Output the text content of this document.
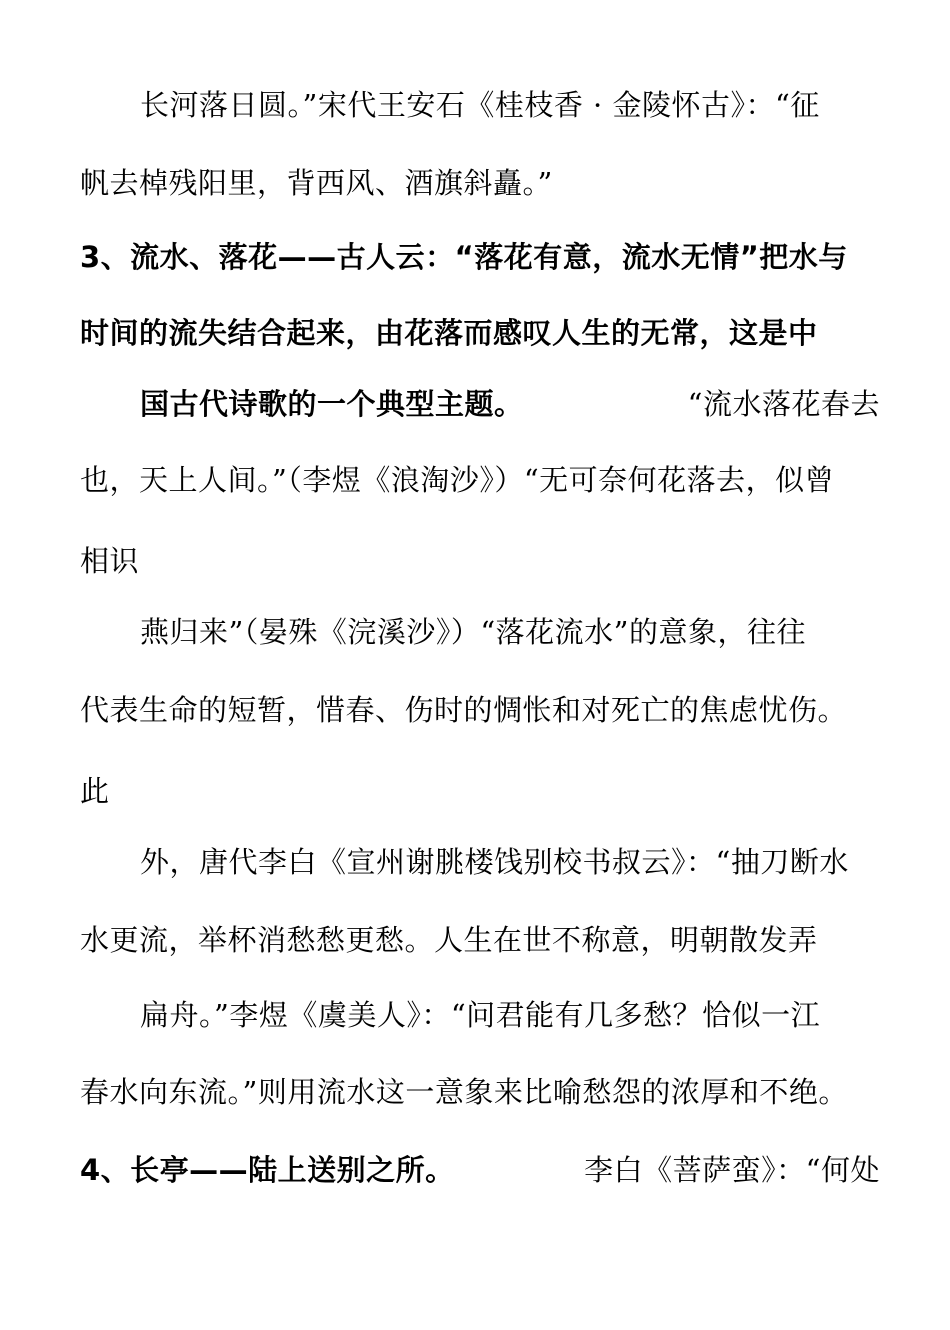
长河落日圆。”宋代王安石《桂枝香 · 金陵怀古》：“征
帆去棹残阳里，背西风、酒旗斜矗。”
3、流水、落花——古人云：“落花有意，流水无情”把水与
时间的流失结合起来，由花落而感叹人生的无常，这是中
国古代诗歌的一个典型主题。	“流水落花春去
也，天上人间。”（李煜《浪淘沙》）“无可奈何花落去，似曾
相识
燕归来”（晏殊《浣溪沙》）“落花流水”的意象，往往
代表生命的短暂，惜春、伤时的惆怅和对死亡的焦虑忧伤。
此
外，唐代李白《宣州谢朓楼饯别校书叔云》：“抽刀断水
水更流，举杯消愁愁更愁。人生在世不称意，明朝散发弄
扁舟。”李煜《虞美人》：“问君能有几多愁？恰似一江
春水向东流。”则用流水这一意象来比喻愁怨的浓厚和不绝。
4、长亭——陆上送别之所。	李白《菩萨蛮》：“何处
